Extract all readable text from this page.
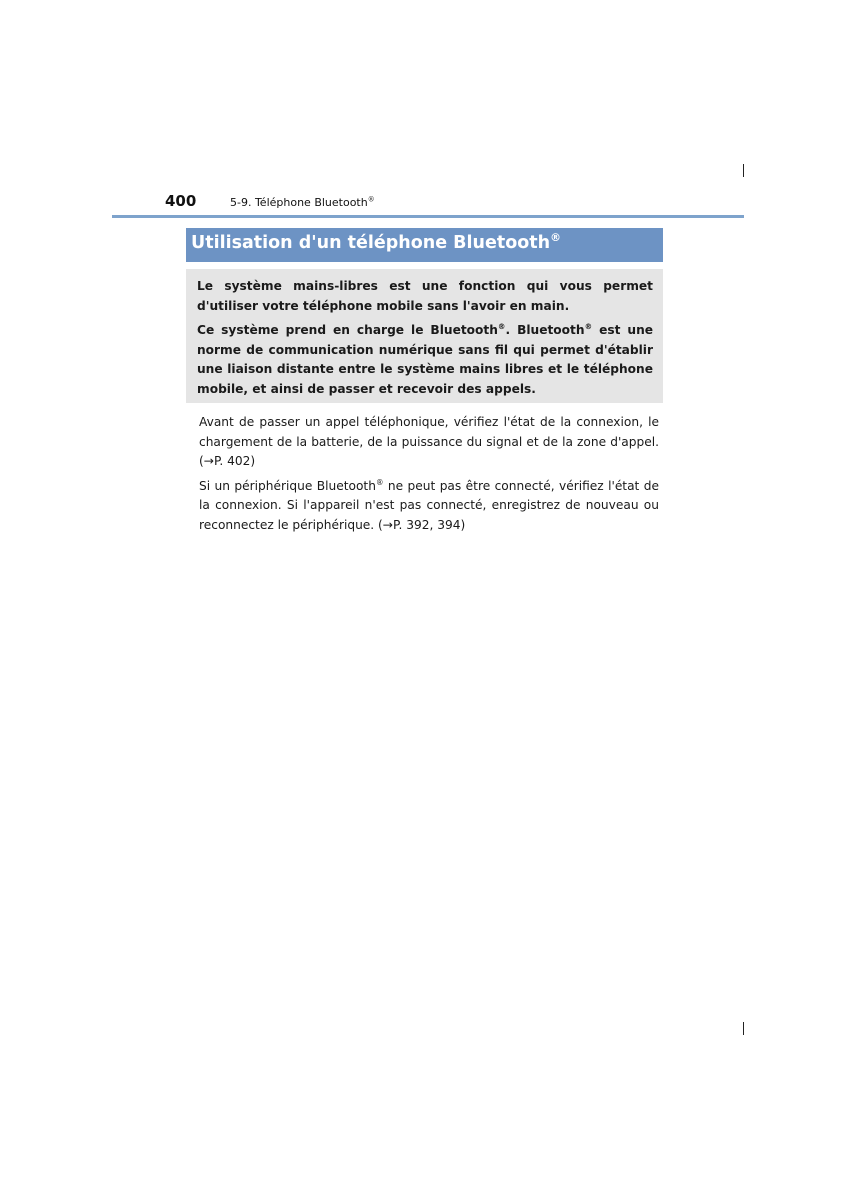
400	5-9. Téléphone Bluetooth®
Utilisation d'un téléphone Bluetooth®

Le système mains-libres est une fonction qui vous permet d'utiliser votre téléphone mobile sans l'avoir en main.

Ce système prend en charge le Bluetooth®. Bluetooth® est une norme de communication numérique sans fil qui permet d'établir une liaison distante entre le système mains libres et le téléphone mobile, et ainsi de passer et recevoir des appels.

Avant de passer un appel téléphonique, vérifiez l'état de la connexion, le chargement de la batterie, de la puissance du signal et de la zone d'appel. (→P. 402)

Si un périphérique Bluetooth® ne peut pas être connecté, vérifiez l'état de la connexion. Si l'appareil n'est pas connecté, enregistrez de nouveau ou reconnectez le périphérique. (→P. 392, 394)
